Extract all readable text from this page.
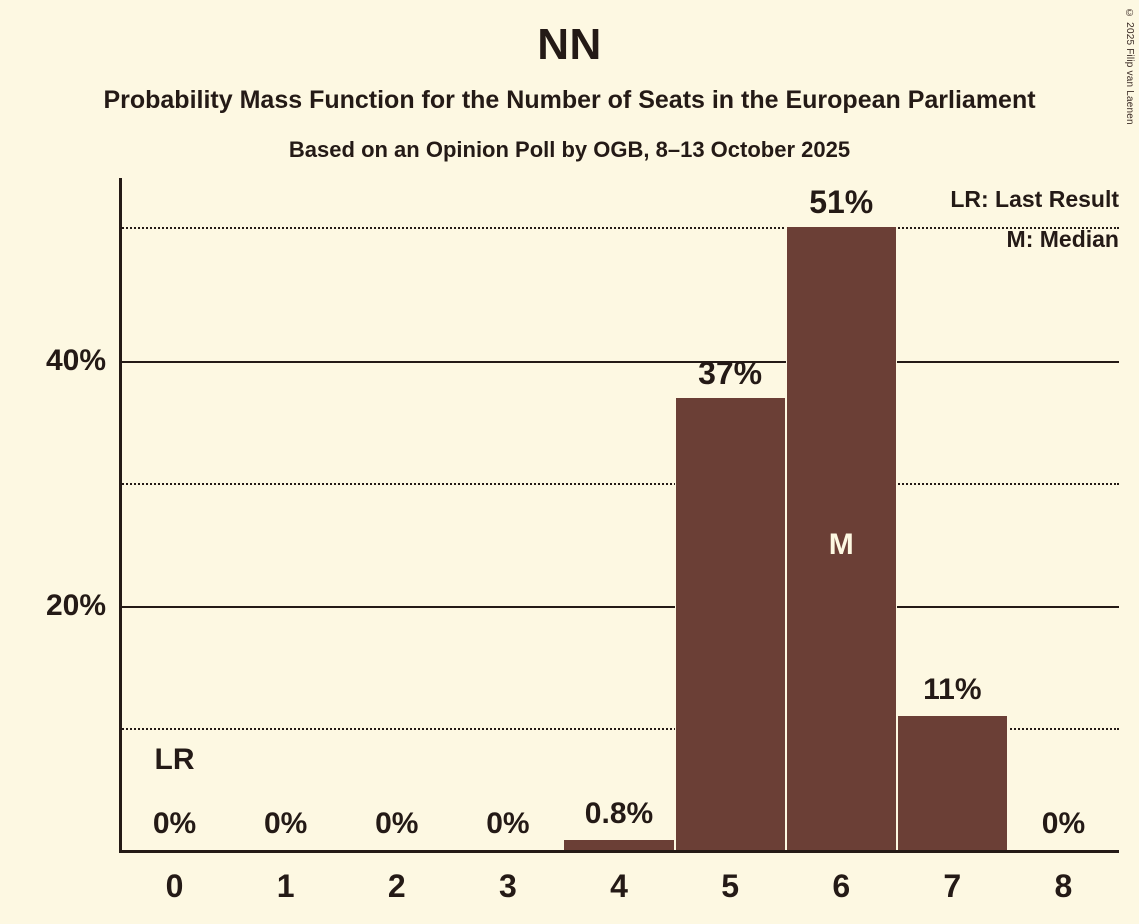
© 2025 Filip van Laenen
NN
Probability Mass Function for the Number of Seats in the European Parliament
Based on an Opinion Poll by OGB, 8–13 October 2025
LR: Last Result
M: Median
20%
40%
0	1	2	3	4	5	6	7	8
0% 0% 0% 0% 0.8%
37%
51%
11%
0%
M
LR
